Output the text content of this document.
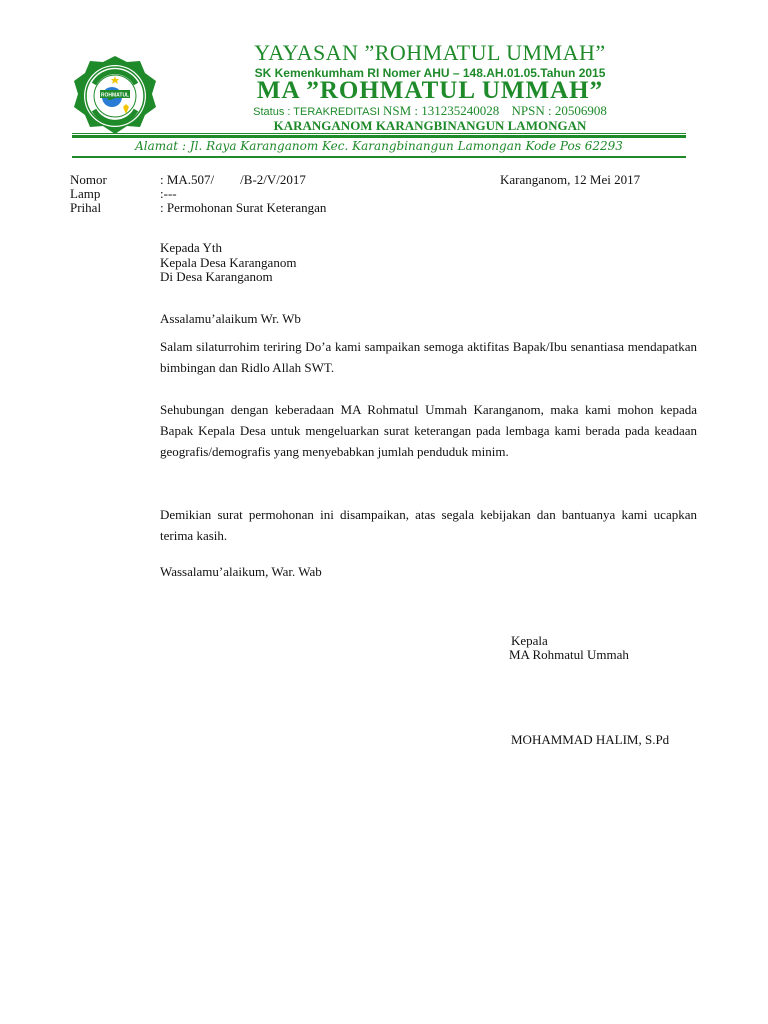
ROHMATUL
YAYASAN ”ROHMATUL UMMAH”
SK Kemenkumham RI Nomer AHU – 148.AH.01.05.Tahun 2015
MA ”ROHMATUL UMMAH”
Status : TERAKREDITASI NSM : 131235240028 NPSN : 20506908
KARANGANOM KARANGBINANGUN LAMONGAN
Alamat : Jl. Raya Karanganom Kec. Karangbinangun Lamongan Kode Pos 62293
Nomor	: MA.507/        /B-2/V/2017	Karanganom, 12 Mei 2017
Lamp	:---
Prihal	: Permohonan Surat Keterangan
Kepada Yth
Kepala Desa Karanganom
Di Desa Karanganom
Assalamu’alaikum Wr. Wb

Salam silaturrohim teriring Do’a kami sampaikan semoga aktifitas Bapak/Ibu senantiasa mendapatkan bimbingan dan Ridlo Allah SWT.

Sehubungan dengan keberadaan MA Rohmatul Ummah Karanganom, maka kami mohon kepada Bapak Kepala Desa untuk mengeluarkan surat keterangan pada lembaga kami berada pada keadaan geografis/demografis yang menyebabkan jumlah penduduk minim.

Demikian surat permohonan ini disampaikan, atas segala kebijakan dan bantuanya kami ucapkan terima kasih.

Wassalamu’alaikum, War. Wab
Kepala
MA Rohmatul Ummah
MOHAMMAD HALIM, S.Pd
